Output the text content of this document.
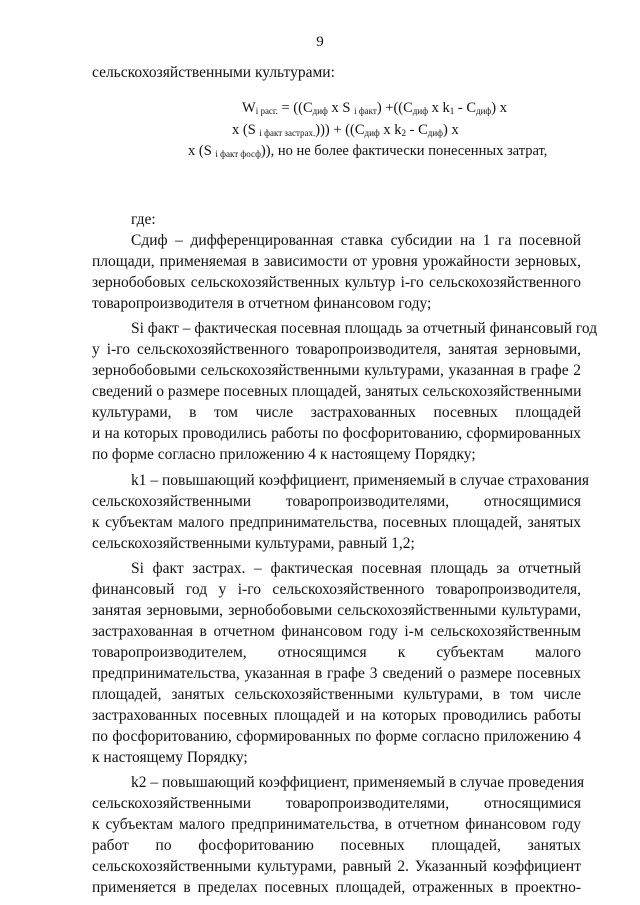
9
сельскохозяйственными культурами:
$W_{i расг.} = ((С_{диф}$ х S $_{i факт}) +((С_{диф}$ х $k_1 - С_{диф}$) х
х (S $_{i факт застрах.}))) + ((С_{диф}$ х $k_2 - С_{диф}$) х
х (S $_{i факт фосф}$)), но не более фактически понесенных затрат,
где:
Сдиф – дифференцированная ставка субсидии на 1 га посевной
площади, применяемая в зависимости от уровня урожайности зерновых,
зернобобовых сельскохозяйственных культур i-го сельскохозяйственного
товаропроизводителя в отчетном финансовом году;
Si факт – фактическая посевная площадь за отчетный финансовый год
у i-го сельскохозяйственного товаропроизводителя, занятая зерновыми,
зернобобовыми сельскохозяйственными культурами, указанная в графе 2
сведений о размере посевных площадей, занятых сельскохозяйственными
культурами, в том числе застрахованных посевных площадей
и на которых проводились работы по фосфоритованию, сформированных
по форме согласно приложению 4 к настоящему Порядку;
k1 – повышающий коэффициент, применяемый в случае страхования
сельскохозяйственными товаропроизводителями, относящимися
к субъектам малого предпринимательства, посевных площадей, занятых
сельскохозяйственными культурами, равный 1,2;
Si факт застрах. – фактическая посевная площадь за отчетный
финансовый год у i-го сельскохозяйственного товаропроизводителя,
занятая зерновыми, зернобобовыми сельскохозяйственными культурами,
застрахованная в отчетном финансовом году i-м сельскохозяйственным
товаропроизводителем, относящимся к субъектам малого
предпринимательства, указанная в графе 3 сведений о размере посевных
площадей, занятых сельскохозяйственными культурами, в том числе
застрахованных посевных площадей и на которых проводились работы
по фосфоритованию, сформированных по форме согласно приложению 4
к настоящему Порядку;
k2 – повышающий коэффициент, применяемый в случае проведения
сельскохозяйственными товаропроизводителями, относящимися
к субъектам малого предпринимательства, в отчетном финансовом году
работ по фосфоритованию посевных площадей, занятых
сельскохозяйственными культурами, равный 2. Указанный коэффициент
применяется в пределах посевных площадей, отраженных в проектно-
